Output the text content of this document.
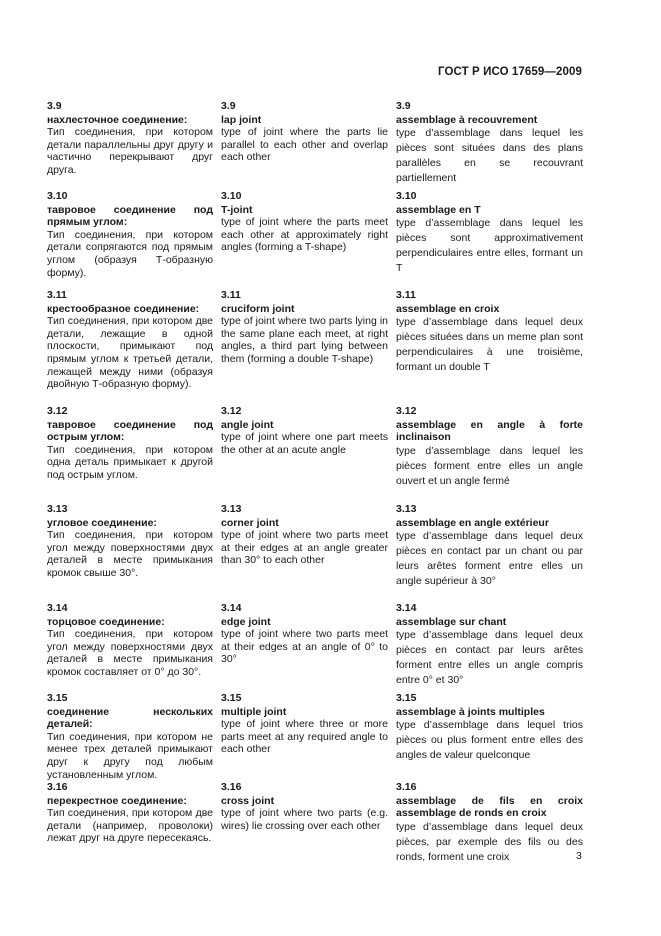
ГОСТ Р ИСО 17659—2009
3.9
нахлесточное соединение:
Тип соединения, при котором детали параллельны друг другу и частично перекрывают друг друга.
3.10
тавровое соединение под прямым углом:
Тип соединения, при котором детали сопрягаются под прямым углом (образуя Т-образную форму).
3.11
крестообразное соединение:
Тип соединения, при котором две детали, лежащие в одной плоскости, примыкают под прямым углом к третьей детали, лежащей между ними (образуя двойную Т-образную форму).
3.12
тавровое соединение под острым углом:
Тип соединения, при котором одна деталь примыкает к другой под острым углом.
3.13
угловое соединение:
Тип соединения, при котором угол между поверхностями двух деталей в месте примыкания кромок свыше 30°.
3.14
торцовое соединение:
Тип соединения, при котором угол между поверхностями двух деталей в месте примыкания кромок составляет от 0° до 30°.
3.15
соединение нескольких деталей:
Тип соединения, при котором не менее трех деталей примыкают друг к другу под любым установленным углом.
3.16
перекрестное соединение:
Тип соединения, при котором две детали (например, проволоки) лежат друг на друге пересекаясь.
3.9
lap joint
type of joint where the parts lie parallel to each other and overlap each other
3.10
T-joint
type of joint where the parts meet each other at approximately right angles (forming a T-shape)
3.11
cruciform joint
type of joint where two parts lying in the same plane each meet, at right angles, a third part lying between them (forming a double T-shape)
3.12
angle joint
type of joint where one part meets the other at an acute angle
3.13
corner joint
type of joint where two parts meet at their edges at an angle greater than 30° to each other
3.14
edge joint
type of joint where two parts meet at their edges at an angle of 0° to 30°
3.15
multiple joint
type of joint where three or more parts meet at any required angle to each other
3.16
cross joint
type of joint where two parts (e.g. wires) lie crossing over each other
3.9
assemblage à recouvrement
type d’assemblage dans lequel les pièces sont situées dans des plans parallèles en se recouvrant partiellement
3.10
assemblage en T
type d’assemblage dans lequel les pièces sont approximativement perpendiculaires entre elles, formant un T
3.11
assemblage en croix
type d’assemblage dans lequel deux pièces situées dans un meme plan sont perpendiculaires à une troisième, formant un double T
3.12
assemblage en angle à forte inclinaison
type d’assemblage dans lequel les pièces forment entre elles un angle ouvert et un angle fermé
3.13
assemblage en angle extérieur
type d’assemblage dans lequel deux pièces en contact par un chant ou par leurs arêtes forment entre elles un angle supérieur à 30°
3.14
assemblage sur chant
type d’assemblage dans lequel deux pièces en contact par leurs arêtes forment entre elles un angle compris entre 0° et 30°
3.15
assemblage à joints multiples
type d’assemblage dans lequel trios pièces ou plus forment entre elles des angles de valeur quelconque
3.16
assemblage de fils en croix assemblage de ronds en croix
type d’assemblage dans lequel deux pièces, par exemple des fils ou des ronds, forment une croix	3
